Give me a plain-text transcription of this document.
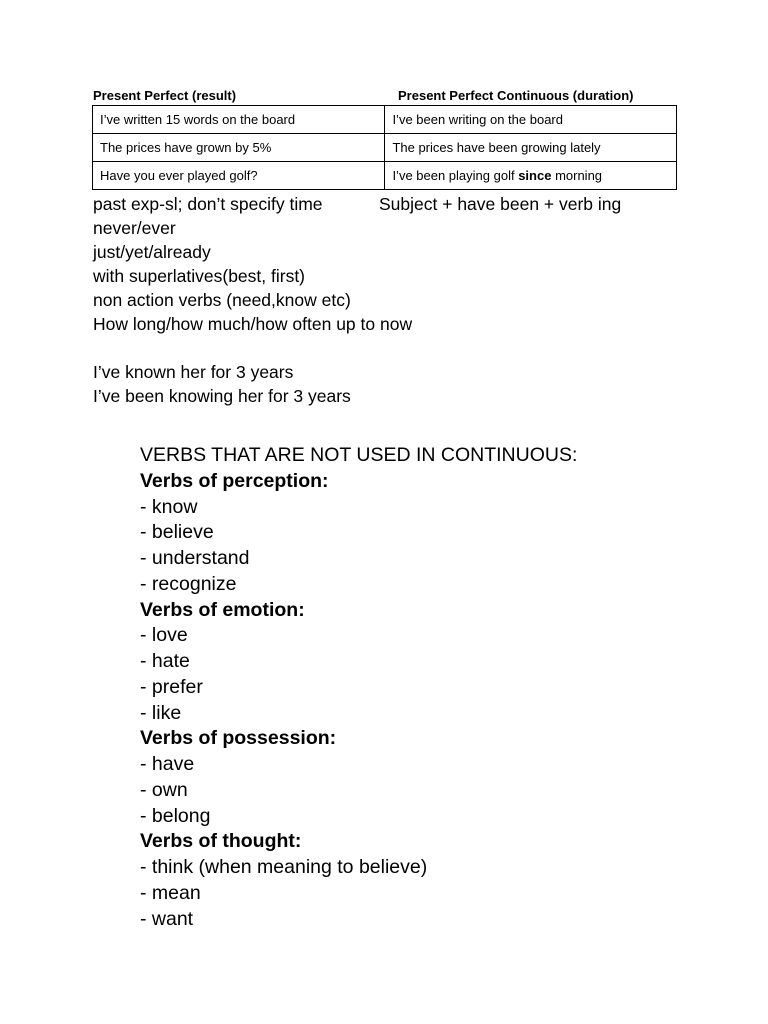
Present Perfect (result)	Present Perfect Continuous (duration)
I’ve written 15 words on the board	I’ve been writing on the board
The prices have grown by 5%	The prices have been growing lately
Have you ever played golf?	I’ve been playing golf since morning
past exp-sl; don’t specify time	Subject + have been + verb ing
never/ever
just/yet/already
with superlatives(best, first)
non action verbs (need,know etc)
How long/how much/how often up to now
I’ve known her for 3 years
I’ve been knowing her for 3 years
VERBS THAT ARE NOT USED IN CONTINUOUS:
Verbs of perception:
- know
- believe
- understand
- recognize
Verbs of emotion:
- love
- hate
- prefer
- like
Verbs of possession:
- have
- own
- belong
Verbs of thought:
- think (when meaning to believe)
- mean
- want
